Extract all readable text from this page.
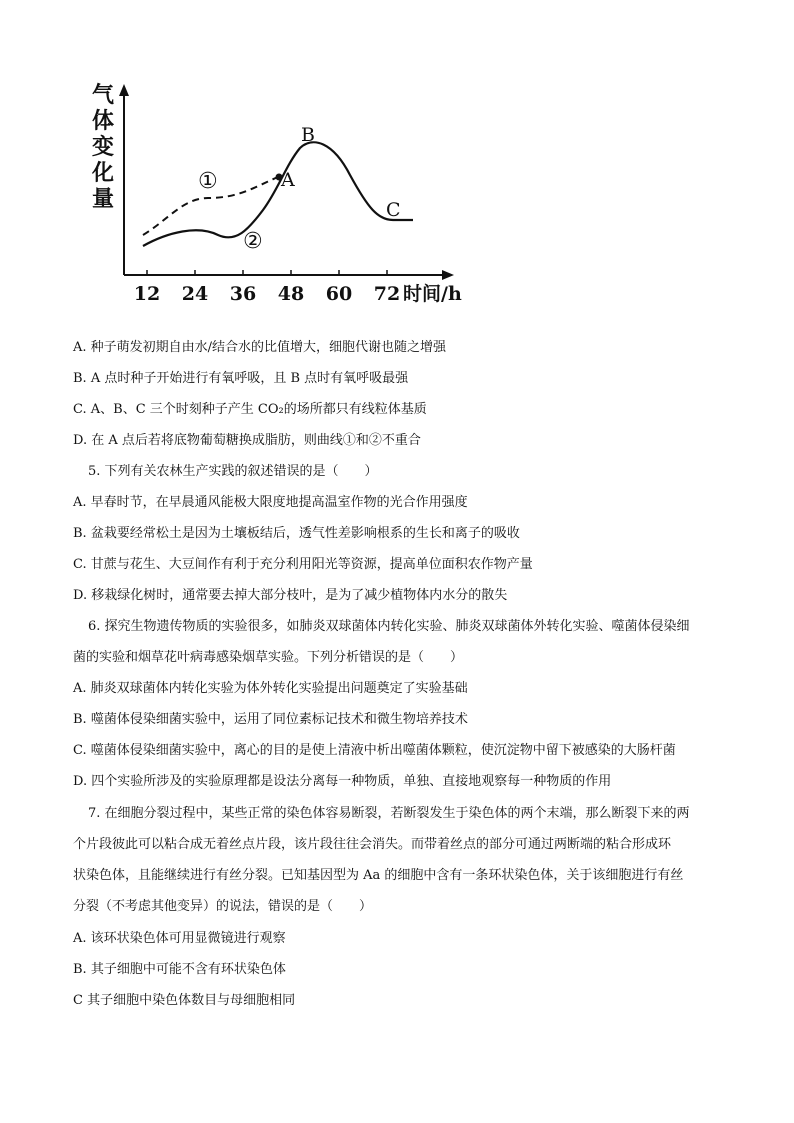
气
体
变
化
量
12 24 36 48 60 72 时间/h
A
B
C
①
②
A. 种子萌发初期自由水/结合水的比值增大，细胞代谢也随之增强
B. A 点时种子开始进行有氧呼吸，且 B 点时有氧呼吸最强
C. A、B、C 三个时刻种子产生 CO₂的场所都只有线粒体基质
D. 在 A 点后若将底物葡萄糖换成脂肪，则曲线①和②不重合
5. 下列有关农林生产实践的叙述错误的是（　　）
A. 早春时节，在早晨通风能极大限度地提高温室作物的光合作用强度
B. 盆栽要经常松土是因为土壤板结后，透气性差影响根系的生长和离子的吸收
C. 甘蔗与花生、大豆间作有利于充分利用阳光等资源，提高单位面积农作物产量
D. 移栽绿化树时，通常要去掉大部分枝叶，是为了减少植物体内水分的散失
6. 探究生物遗传物质的实验很多，如肺炎双球菌体内转化实验、肺炎双球菌体外转化实验、噬菌体侵染细
菌的实验和烟草花叶病毒感染烟草实验。下列分析错误的是（　　）
A. 肺炎双球菌体内转化实验为体外转化实验提出问题奠定了实验基础
B. 噬菌体侵染细菌实验中，运用了同位素标记技术和微生物培养技术
C. 噬菌体侵染细菌实验中，离心的目的是使上清液中析出噬菌体颗粒，使沉淀物中留下被感染的大肠杆菌
D. 四个实验所涉及的实验原理都是设法分离每一种物质，单独、直接地观察每一种物质的作用
7. 在细胞分裂过程中，某些正常的染色体容易断裂，若断裂发生于染色体的两个末端，那么断裂下来的两
个片段彼此可以粘合成无着丝点片段，该片段往往会消失。而带着丝点的部分可通过两断端的粘合形成环
状染色体，且能继续进行有丝分裂。已知基因型为 Aa 的细胞中含有一条环状染色体，关于该细胞进行有丝
分裂（不考虑其他变异）的说法，错误的是（　　）
A. 该环状染色体可用显微镜进行观察
B. 其子细胞中可能不含有环状染色体
C 其子细胞中染色体数目与母细胞相同
